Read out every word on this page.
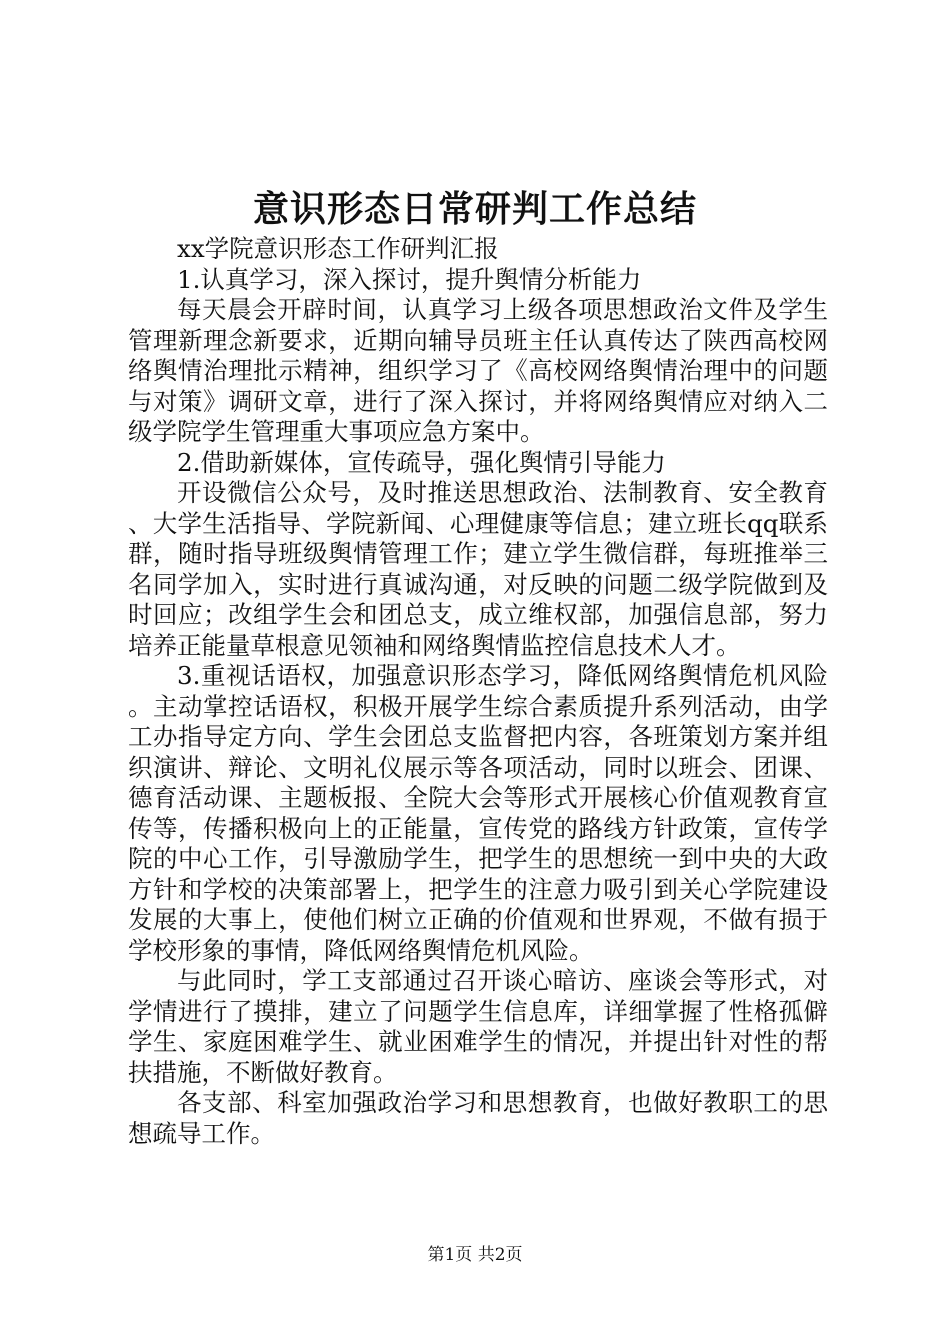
意识形态日常研判工作总结

xx学院意识形态工作研判汇报

1.认真学习，深入探讨，提升舆情分析能力

每天晨会开辟时间，认真学习上级各项思想政治文件及学生管理新理念新要求，近期向辅导员班主任认真传达了陕西高校网络舆情治理批示精神，组织学习了《高校网络舆情治理中的问题与对策》调研文章，进行了深入探讨，并将网络舆情应对纳入二级学院学生管理重大事项应急方案中。

2.借助新媒体，宣传疏导，强化舆情引导能力

开设微信公众号，及时推送思想政治、法制教育、安全教育、大学生活指导、学院新闻、心理健康等信息；建立班长qq联系群，随时指导班级舆情管理工作；建立学生微信群，每班推举三名同学加入，实时进行真诚沟通，对反映的问题二级学院做到及时回应；改组学生会和团总支，成立维权部，加强信息部，努力培养正能量草根意见领袖和网络舆情监控信息技术人才。

3.重视话语权，加强意识形态学习，降低网络舆情危机风险。主动掌控话语权，积极开展学生综合素质提升系列活动，由学工办指导定方向、学生会团总支监督把内容，各班策划方案并组织演讲、辩论、文明礼仪展示等各项活动，同时以班会、团课、德育活动课、主题板报、全院大会等形式开展核心价值观教育宣传等，传播积极向上的正能量，宣传党的路线方针政策，宣传学院的中心工作，引导激励学生，把学生的思想统一到中央的大政方针和学校的决策部署上，把学生的注意力吸引到关心学院建设发展的大事上，使他们树立正确的价值观和世界观，不做有损于学校形象的事情，降低网络舆情危机风险。

与此同时，学工支部通过召开谈心暗访、座谈会等形式，对学情进行了摸排，建立了问题学生信息库，详细掌握了性格孤僻学生、家庭困难学生、就业困难学生的情况，并提出针对性的帮扶措施，不断做好教育。

各支部、科室加强政治学习和思想教育，也做好教职工的思想疏导工作。

第1页 共2页
